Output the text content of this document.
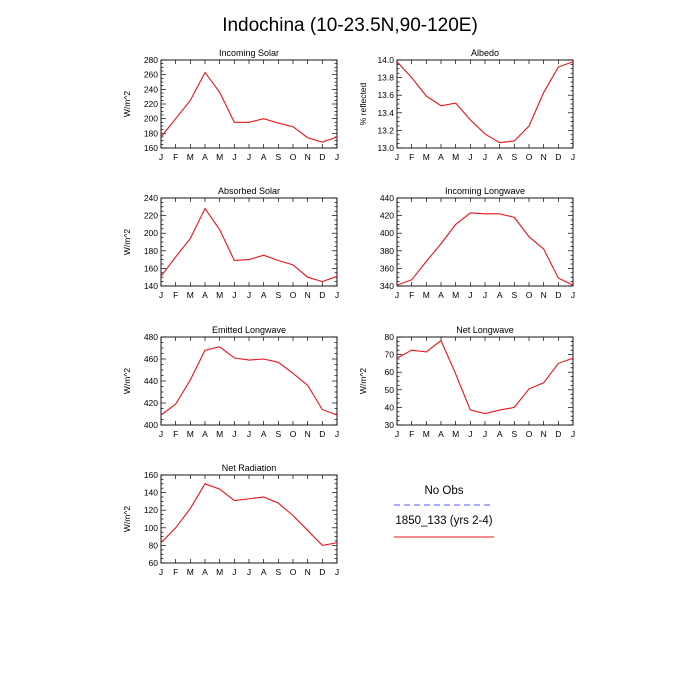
Indochina (10-23.5N,90-120E)
Incoming Solar
J F M A M J J A S O N D J
160
180
200
220
240
260
280
W/m^2
Albedo
J F M A M J J A S O N D J
13.0
13.2
13.4
13.6
13.8
14.0
% reflected
Absorbed Solar
J F M A M J J A S O N D J
140
160
180
200
220
240
W/m^2
Incoming Longwave
J F M A M J J A S O N D J
340
360
380
400
420
440
Emitted Longwave
J F M A M J J A S O N D J
400
420
440
460
480
W/m^2
Net Longwave
J F M A M J J A S O N D J
30
40
50
60
70
80
W/m^2
Net Radiation
J F M A M J J A S O N D J
60
80
100
120
140
160
W/m^2
No Obs
1850_133 (yrs 2-4)
